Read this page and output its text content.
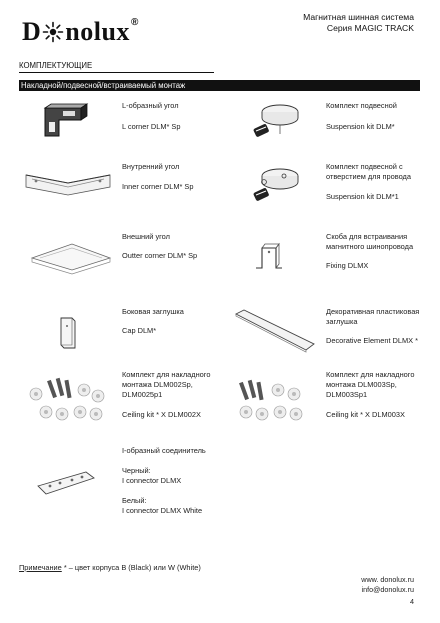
D nolux®	Магнитная шинная система
Серия MAGIC TRACK
КОМПЛЕКТУЮЩИЕ
Накладной/подвесной/встраиваемый монтаж
L-образный угол
L corner DLM* Sp
Внутренний угол
Inner corner DLM* Sp
Внешний угол
Outter corner DLM* Sp
Боковая заглушка
Cap DLM*
Комплект для накладного
монтажа DLM002Sp,
DLM0025p1
Ceiling kit * X DLM002X
I-образный соединитель
Черный:
I connector DLMX
Белый:
I connector DLMX White
Комплект подвесной
Suspension kit DLM*
Комплект подвесной с
отверстием для провода
Suspension kit DLM*1
Скоба для встраивания
магнитного шинопровода
Fixing DLMX
Декоративная пластиковая
заглушка
Decorative Element DLMX *
Комплект для накладного
монтажа DLM003Sp,
DLM003Sp1
Ceiling kit * X DLM003X
Примечание * – цвет корпуса B (Black) или W (White)
www. donolux.ru
info@donolux.ru
4
